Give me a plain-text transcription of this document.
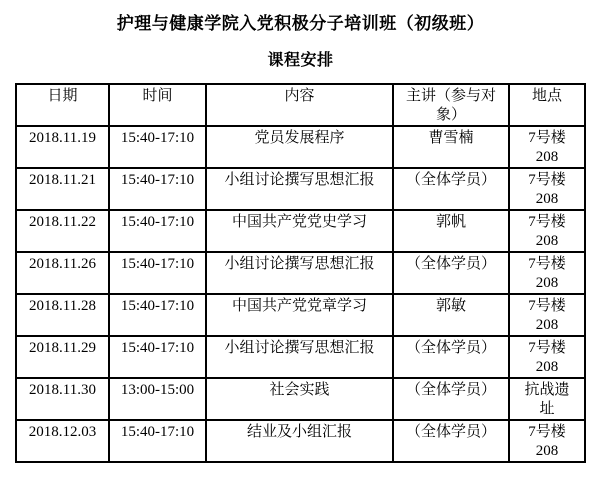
护理与健康学院入党积极分子培训班（初级班）
课程安排
日期	时间	内容	主讲（参与对象）	地点
2018.11.19	15:40-17:10	党员发展程序	曹雪楠	7号楼 208
2018.11.21	15:40-17:10	小组讨论撰写思想汇报	（全体学员）	7号楼 208
2018.11.22	15:40-17:10	中国共产党党史学习	郭帆	7号楼 208
2018.11.26	15:40-17:10	小组讨论撰写思想汇报	（全体学员）	7号楼 208
2018.11.28	15:40-17:10	中国共产党党章学习	郭敏	7号楼 208
2018.11.29	15:40-17:10	小组讨论撰写思想汇报	（全体学员）	7号楼 208
2018.11.30	13:00-15:00	社会实践	（全体学员）	抗战遗址
2018.12.03	15:40-17:10	结业及小组汇报	（全体学员）	7号楼 208
